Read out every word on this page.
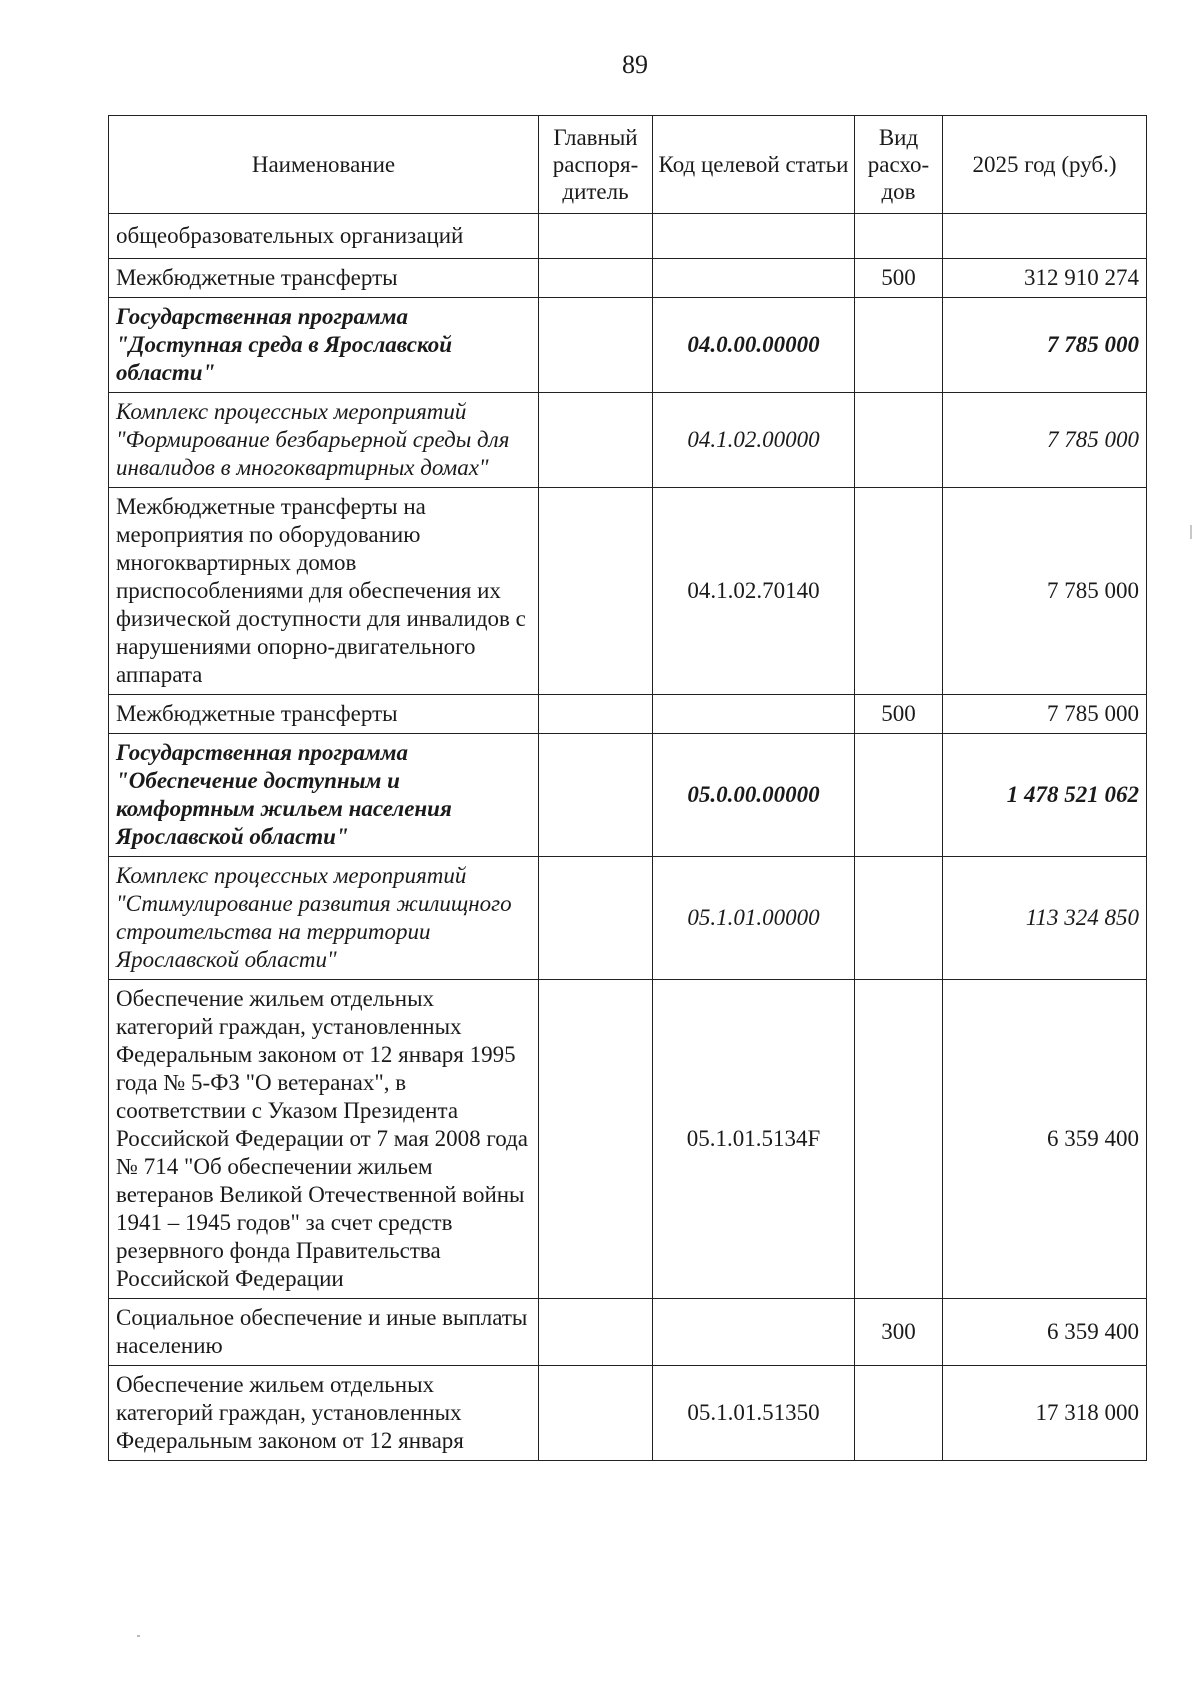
89
Наименование	Главный распоря-дитель	Код целевой статьи	Вид расхо-дов	2025 год (руб.)
общеобразовательных организаций				
Межбюджетные трансферты			500	312 910 274
Государственная программа "Доступная среда в Ярославской области"		04.0.00.00000		7 785 000
Комплекс процессных мероприятий "Формирование безбарьерной среды для инвалидов в многоквартирных домах"		04.1.02.00000		7 785 000
Межбюджетные трансферты на мероприятия по оборудованию многоквартирных домов приспособлениями для обеспечения их физической доступности для инвалидов с нарушениями опорно-двигательного аппарата		04.1.02.70140		7 785 000
Межбюджетные трансферты			500	7 785 000
Государственная программа "Обеспечение доступным и комфортным жильем населения Ярославской области"		05.0.00.00000		1 478 521 062
Комплекс процессных мероприятий "Стимулирование развития жилищного строительства на территории Ярославской области"		05.1.01.00000		113 324 850
Обеспечение жильем отдельных категорий граждан, установленных Федеральным законом от 12 января 1995 года № 5-ФЗ "О ветеранах", в соответствии с Указом Президента Российской Федерации от 7 мая 2008 года № 714 "Об обеспечении жильем ветеранов Великой Отечественной войны 1941 – 1945 годов" за счет средств резервного фонда Правительства Российской Федерации		05.1.01.5134F		6 359 400
Социальное обеспечение и иные выплаты населению			300	6 359 400
Обеспечение жильем отдельных категорий граждан, установленных Федеральным законом от 12 января		05.1.01.51350		17 318 000
